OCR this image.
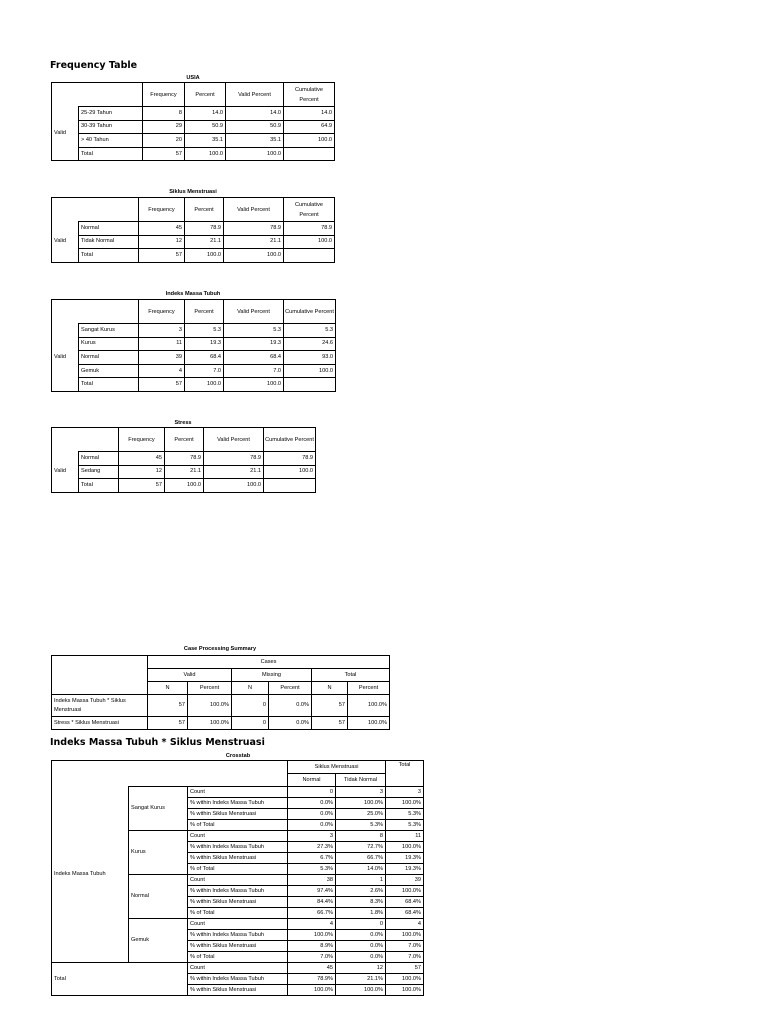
Frequency Table
USIA
		Frequency	Percent	Valid Percent	Cumulative Percent
Valid	25-29 Tahun	8	14.0	14.0	14.0
	30-39 Tahun	29	50.9	50.9	64.9
	> 40 Tahun	20	35.1	35.1	100.0
	Total	57	100.0	100.0	
Siklus Menstruasi
		Frequency	Percent	Valid Percent	Cumulative Percent
Valid	Normal	45	78.9	78.9	78.9
	Tidak Normal	12	21.1	21.1	100.0
	Total	57	100.0	100.0	
Indeks Massa Tubuh
		Frequency	Percent	Valid Percent	Cumulative Percent
Valid	Sangat Kurus	3	5.3	5.3	5.3
	Kurus	11	19.3	19.3	24.6
	Normal	39	68.4	68.4	93.0
	Gemuk	4	7.0	7.0	100.0
	Total	57	100.0	100.0	
Stress
		Frequency	Percent	Valid Percent	Cumulative Percent
Valid	Normal	45	78.9	78.9	78.9
	Sedang	12	21.1	21.1	100.0
	Total	57	100.0	100.0	
Case Processing Summary
	Cases					
	Valid		Missing		Total	
	N	Percent	N	Percent	N	Percent
Indeks Massa Tubuh * Siklus Menstruasi	57	100.0%	0	0.0%	57	100.0%
Stress * Siklus Menstruasi	57	100.0%	0	0.0%	57	100.0%
Indeks Massa Tubuh * Siklus Menstruasi
Crosstab
			Siklus Menstruasi		Total
			Normal	Tidak Normal	
Indeks Massa Tubuh	Sangat Kurus	Count	0	3	3
		% within Indeks Massa Tubuh	0.0%	100.0%	100.0%
		% within Siklus Menstruasi	0.0%	25.0%	5.3%
		% of Total	0.0%	5.3%	5.3%
	Kurus	Count	3	8	11
		% within Indeks Massa Tubuh	27.3%	72.7%	100.0%
		% within Siklus Menstruasi	6.7%	66.7%	19.3%
		% of Total	5.3%	14.0%	19.3%
	Normal	Count	38	1	39
		% within Indeks Massa Tubuh	97.4%	2.6%	100.0%
		% within Siklus Menstruasi	84.4%	8.3%	68.4%
		% of Total	66.7%	1.8%	68.4%
	Gemuk	Count	4	0	4
		% within Indeks Massa Tubuh	100.0%	0.0%	100.0%
		% within Siklus Menstruasi	8.9%	0.0%	7.0%
		% of Total	7.0%	0.0%	7.0%
Total		Count	45	12	57
		% within Indeks Massa Tubuh	78.9%	21.1%	100.0%
		% within Siklus Menstruasi	100.0%	100.0%	100.0%
